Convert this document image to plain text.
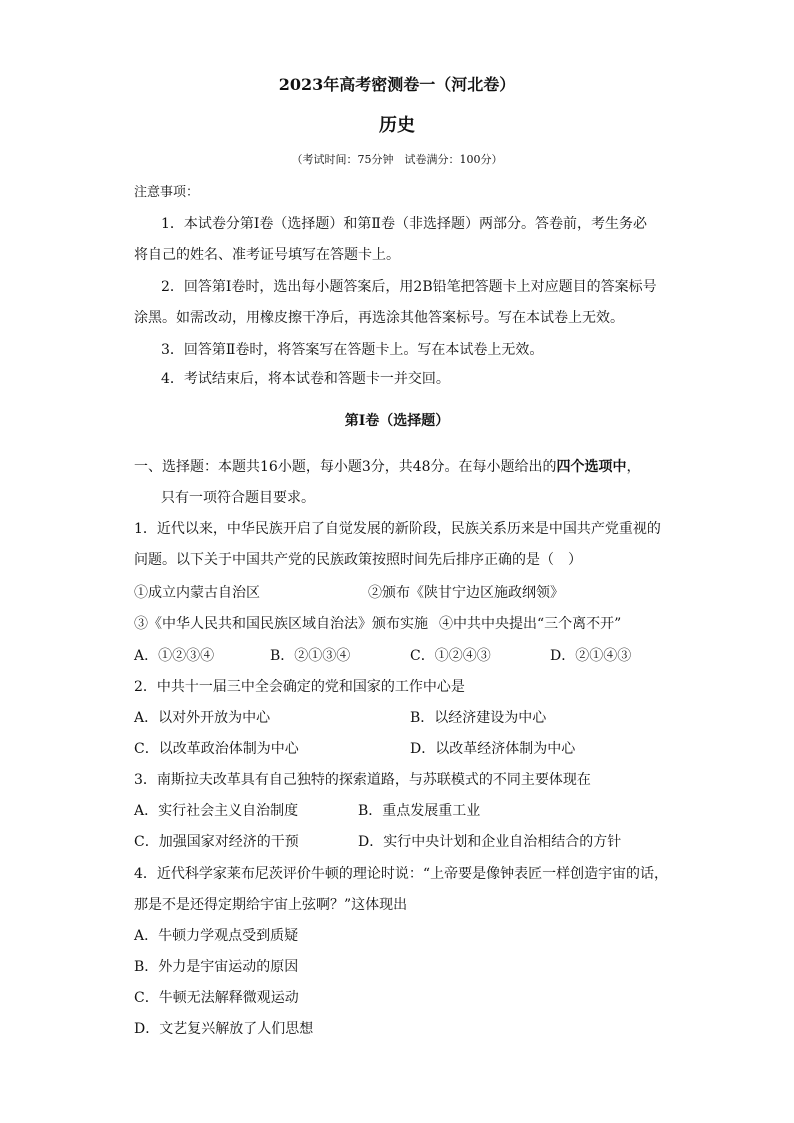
2023年高考密测卷一（河北卷）
历史
（考试时间：75分钟　试卷满分：100分）
注意事项：
1．本试卷分第Ⅰ卷（选择题）和第Ⅱ卷（非选择题）两部分。答卷前，考生务必
将自己的姓名、准考证号填写在答题卡上。
2．回答第Ⅰ卷时，选出每小题答案后，用2B铅笔把答题卡上对应题目的答案标号
涂黑。如需改动，用橡皮擦干净后，再选涂其他答案标号。写在本试卷上无效。
3．回答第Ⅱ卷时，将答案写在答题卡上。写在本试卷上无效。
4．考试结束后，将本试卷和答题卡一并交回。
第Ⅰ卷（选择题）
一、选择题：本题共16小题，每小题3分，共48分。在每小题给出的四个选项中，
只有一项符合题目要求。
1．近代以来，中华民族开启了自觉发展的新阶段，民族关系历来是中国共产党重视的
问题。以下关于中国共产党的民族政策按照时间先后排序正确的是（　）
①成立内蒙古自治区	②颁布《陕甘宁边区施政纲领》
③《中华人民共和国民族区域自治法》颁布实施 ④中共中央提出“三个离不开”
A．①②③④	B．②①③④	C．①②④③	D．②①④③
2．中共十一届三中全会确定的党和国家的工作中心是
A．以对外开放为中心	B．以经济建设为中心
C．以改革政治体制为中心	D．以改革经济体制为中心
3．南斯拉夫改革具有自己独特的探索道路，与苏联模式的不同主要体现在
A．实行社会主义自治制度	B．重点发展重工业
C．加强国家对经济的干预	D．实行中央计划和企业自治相结合的方针
4．近代科学家莱布尼茨评价牛顿的理论时说：“上帝要是像钟表匠一样创造宇宙的话，
那是不是还得定期给宇宙上弦啊？”这体现出
A．牛顿力学观点受到质疑
B．外力是宇宙运动的原因
C．牛顿无法解释微观运动
D．文艺复兴解放了人们思想
